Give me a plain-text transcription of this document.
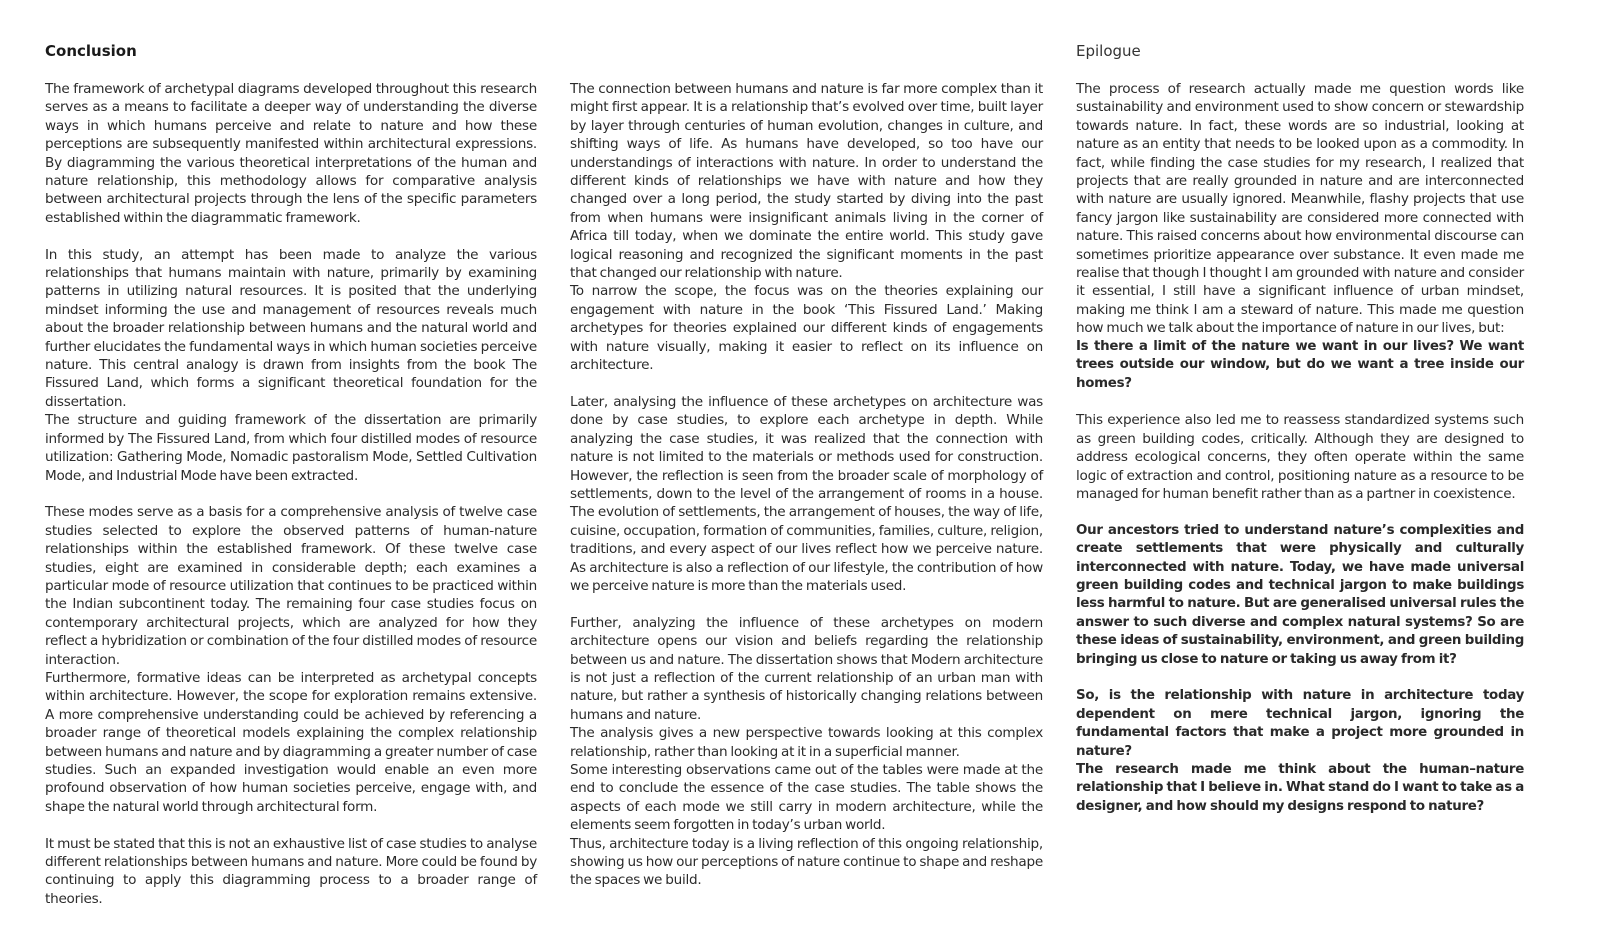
Conclusion

The framework of archetypal diagrams developed throughout this research serves as a means to facilitate a deeper way of understanding the diverse ways in which humans perceive and relate to nature and how these perceptions are subsequently manifested within architectural expressions. By diagramming the various theoretical interpretations of the human and nature relationship, this methodology allows for comparative analysis between architectural projects through the lens of the specific parameters established within the diagrammatic framework.

In this study, an attempt has been made to analyze the various relationships that humans maintain with nature, primarily by examining patterns in utilizing natural resources. It is posited that the underlying mindset informing the use and management of resources reveals much about the broader relationship between humans and the natural world and further elucidates the fundamental ways in which human societies perceive nature. This central analogy is drawn from insights from the book The Fissured Land, which forms a significant theoretical foundation for the dissertation.

The structure and guiding framework of the dissertation are primarily informed by The Fissured Land, from which four distilled modes of resource utilization: Gathering Mode, Nomadic pastoralism Mode, Settled Cultivation Mode, and Industrial Mode have been extracted.

These modes serve as a basis for a comprehensive analysis of twelve case studies selected to explore the observed patterns of human-nature relationships within the established framework. Of these twelve case studies, eight are examined in considerable depth; each examines a particular mode of resource utilization that continues to be practiced within the Indian subcontinent today. The remaining four case studies focus on contemporary architectural projects, which are analyzed for how they reflect a hybridization or combination of the four distilled modes of resource interaction.

Furthermore, formative ideas can be interpreted as archetypal concepts within architecture. However, the scope for exploration remains extensive. A more comprehensive understanding could be achieved by referencing a broader range of theoretical models explaining the complex relationship between humans and nature and by diagramming a greater number of case studies. Such an expanded investigation would enable an even more profound observation of how human societies perceive, engage with, and shape the natural world through architectural form.

It must be stated that this is not an exhaustive list of case studies to analyse different relationships between humans and nature. More could be found by continuing to apply this diagramming process to a broader range of theories.

The connection between humans and nature is far more complex than it might first appear. It is a relationship that’s evolved over time, built layer by layer through centuries of human evolution, changes in culture, and shifting ways of life. As humans have developed, so too have our understandings of interactions with nature. In order to understand the different kinds of relationships we have with nature and how they changed over a long period, the study started by diving into the past from when humans were insignificant animals living in the corner of Africa till today, when we dominate the entire world. This study gave logical reasoning and recognized the significant moments in the past that changed our relationship with nature.

To narrow the scope, the focus was on the theories explaining our engagement with nature in the book ‘This Fissured Land.’ Making archetypes for theories explained our different kinds of engagements with nature visually, making it easier to reflect on its influence on architecture.

Later, analysing the influence of these archetypes on architecture was done by case studies, to explore each archetype in depth. While analyzing the case studies, it was realized that the connection with nature is not limited to the materials or methods used for construction. However, the reflection is seen from the broader scale of morphology of settlements, down to the level of the arrangement of rooms in a house. The evolution of settlements, the arrangement of houses, the way of life, cuisine, occupation, formation of communities, families, culture, religion, traditions, and every aspect of our lives reflect how we perceive nature. As architecture is also a reflection of our lifestyle, the contribution of how we perceive nature is more than the materials used.

Further, analyzing the influence of these archetypes on modern architecture opens our vision and beliefs regarding the relationship between us and nature. The dissertation shows that Modern architecture is not just a reflection of the current relationship of an urban man with nature, but rather a synthesis of historically changing relations between humans and nature.

The analysis gives a new perspective towards looking at this complex relationship, rather than looking at it in a superficial manner.

Some interesting observations came out of the tables were made at the end to conclude the essence of the case studies. The table shows the aspects of each mode we still carry in modern architecture, while the elements seem forgotten in today’s urban world.

Thus, architecture today is a living reflection of this ongoing relationship, showing us how our perceptions of nature continue to shape and reshape the spaces we build.

Epilogue

The process of research actually made me question words like sustainability and environment used to show concern or stewardship towards nature. In fact, these words are so industrial, looking at nature as an entity that needs to be looked upon as a commodity. In fact, while finding the case studies for my research, I realized that projects that are really grounded in nature and are interconnected with nature are usually ignored. Meanwhile, flashy projects that use fancy jargon like sustainability are considered more connected with nature. This raised concerns about how environmental discourse can sometimes prioritize appearance over substance. It even made me realise that though I thought I am grounded with nature and consider it essential, I still have a significant influence of urban mindset, making me think I am a steward of nature. This made me question how much we talk about the importance of nature in our lives, but:

Is there a limit of the nature we want in our lives? We want trees outside our window, but do we want a tree inside our homes?

This experience also led me to reassess standardized systems such as green building codes, critically. Although they are designed to address ecological concerns, they often operate within the same logic of extraction and control, positioning nature as a resource to be managed for human benefit rather than as a partner in coexistence.

Our ancestors tried to understand nature’s complexities and create settlements that were physically and culturally interconnected with nature. Today, we have made universal green building codes and technical jargon to make buildings less harmful to nature. But are generalised universal rules the answer to such diverse and complex natural systems? So are these ideas of sustainability, environment, and green building bringing us close to nature or taking us away from it?

So, is the relationship with nature in architecture today dependent on mere technical jargon, ignoring the fundamental factors that make a project more grounded in nature?

The research made me think about the human–nature relationship that I believe in. What stand do I want to take as a designer, and how should my designs respond to nature?
